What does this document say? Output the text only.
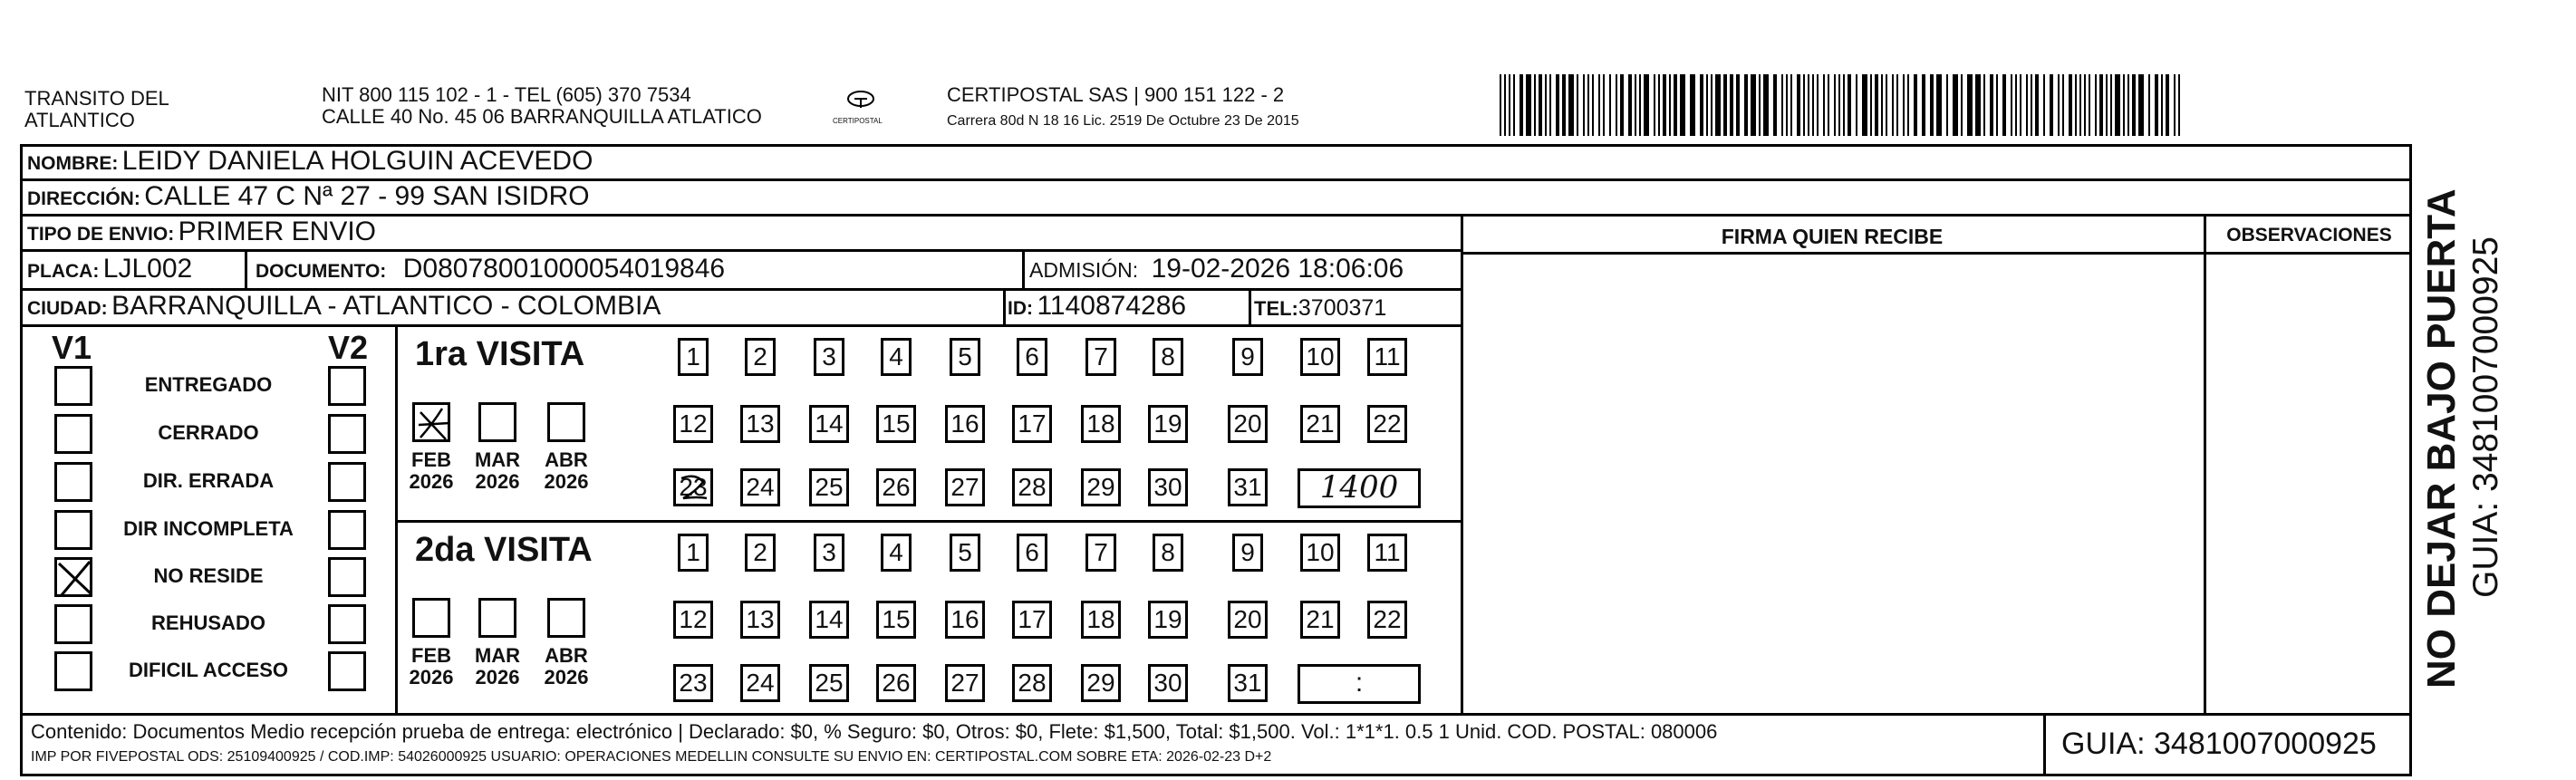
TRANSITO DEL
ATLANTICO
NIT 800 115 102 - 1 - TEL (605) 370 7534
CALLE 40 No. 45 06 BARRANQUILLA ATLATICO	CERTIPOSTAL
CERTIPOSTAL SAS | 900 151 122 - 2
Carrera 80d N 18 16 Lic. 2519 De Octubre 23 De 2015
NOMBRE: LEIDY DANIELA HOLGUIN ACEVEDO
DIRECCIÓN: CALLE 47 C Nª 27 - 99 SAN ISIDRO
TIPO DE ENVIO: PRIMER ENVIO
PLACA: LJL002	DOCUMENTO: D08078001000054019846	ADMISIÓN: 19-02-2026 18:06:06
CIUDAD: BARRANQUILLA - ATLANTICO - COLOMBIA	ID: 1140874286	TEL:3700371
FIRMA QUIEN RECIBE	OBSERVACIONES
V1	V2
ENTREGADO
CERRADO
DIR. ERRADA
DIR INCOMPLETA
NO RESIDE
REHUSADO
DIFICIL ACCESO
1ra VISITA
FEB
2026
MAR
2026
ABR
2026
1	2	3	4	5	6	7	8	9	10 11
12 13 14 15 16 17 18 19 20 21 22
23 24 25 26 27 28 29 30 31	1400
2da VISITA
FEB
2026
MAR
2026
ABR
2026
1	2	3	4	5	6	7	8	9	10 11
12 13 14 15 16 17 18 19 20 21 22
23 24 25 26 27 28 29 30 31	:
Contenido: Documentos Medio recepción prueba de entrega: electrónico | Declarado: $0, % Seguro: $0, Otros: $0, Flete: $1,500, Total: $1,500. Vol.: 1*1*1. 0.5 1 Unid. COD. POSTAL: 080006
IMP POR FIVEPOSTAL ODS: 25109400925 / COD.IMP: 54026000925 USUARIO: OPERACIONES MEDELLIN CONSULTE SU ENVIO EN: CERTIPOSTAL.COM SOBRE ETA: 2026-02-23 D+2	GUIA: 3481007000925
NO DEJAR BAJO PUERTA GUIA: 3481007000925
